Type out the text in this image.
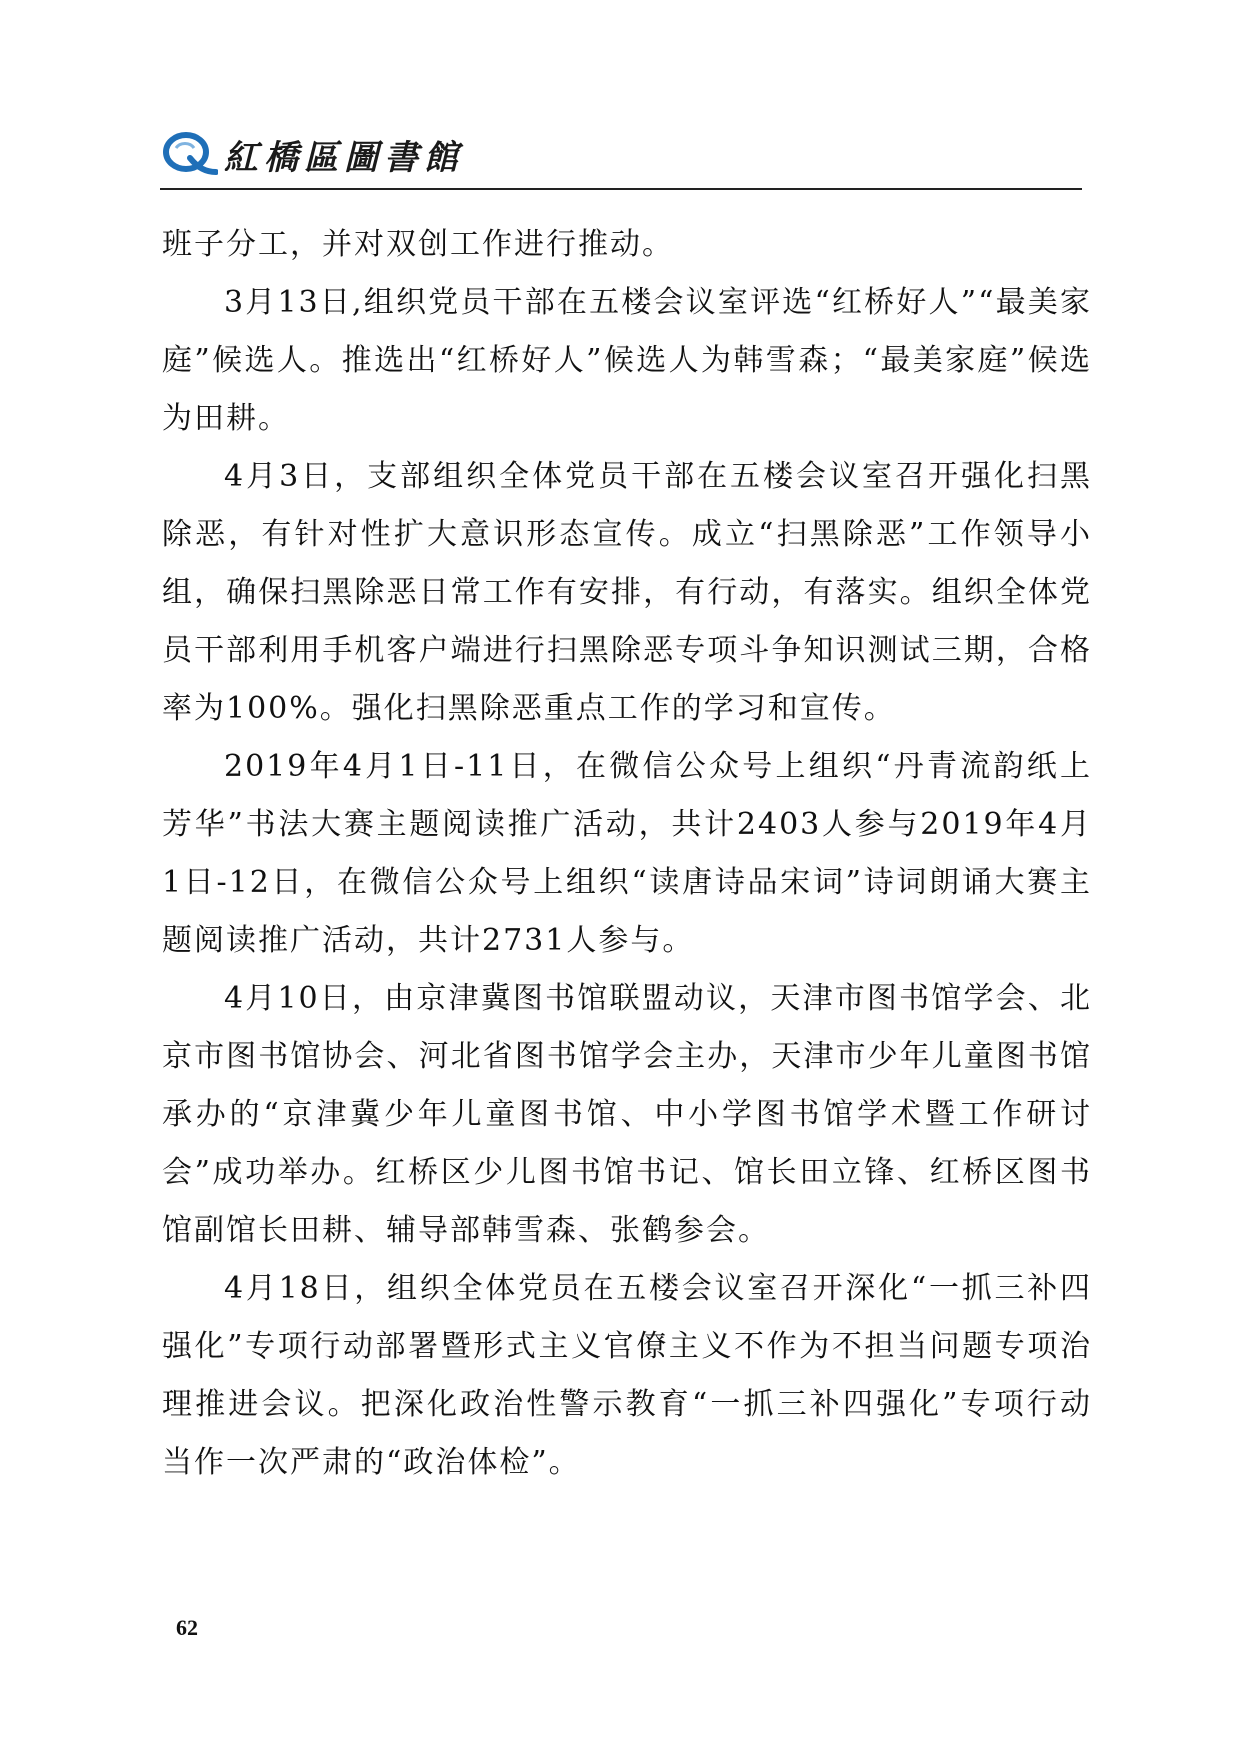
紅橋區圖書館

班子分工，并对双创工作进行推动。

3月13日,组织党员干部在五楼会议室评选“红桥好人”“最美家庭”候选人。推选出“红桥好人”候选人为韩雪森；“最美家庭”候选为田耕。

4月3日，支部组织全体党员干部在五楼会议室召开强化扫黑除恶，有针对性扩大意识形态宣传。成立“扫黑除恶”工作领导小组，确保扫黑除恶日常工作有安排，有行动，有落实。组织全体党员干部利用手机客户端进行扫黑除恶专项斗争知识测试三期，合格率为100%。强化扫黑除恶重点工作的学习和宣传。

2019年4月1日-11日，在微信公众号上组织“丹青流韵纸上芳华”书法大赛主题阅读推广活动，共计2403人参与2019年4月1日-12日，在微信公众号上组织“读唐诗品宋词”诗词朗诵大赛主题阅读推广活动，共计2731人参与。

4月10日，由京津冀图书馆联盟动议，天津市图书馆学会、北京市图书馆协会、河北省图书馆学会主办，天津市少年儿童图书馆承办的“京津冀少年儿童图书馆、中小学图书馆学术暨工作研讨会”成功举办。红桥区少儿图书馆书记、馆长田立锋、红桥区图书馆副馆长田耕、辅导部韩雪森、张鹤参会。

4月18日，组织全体党员在五楼会议室召开深化“一抓三补四强化”专项行动部署暨形式主义官僚主义不作为不担当问题专项治理推进会议。把深化政治性警示教育“一抓三补四强化”专项行动当作一次严肃的“政治体检”。

62
